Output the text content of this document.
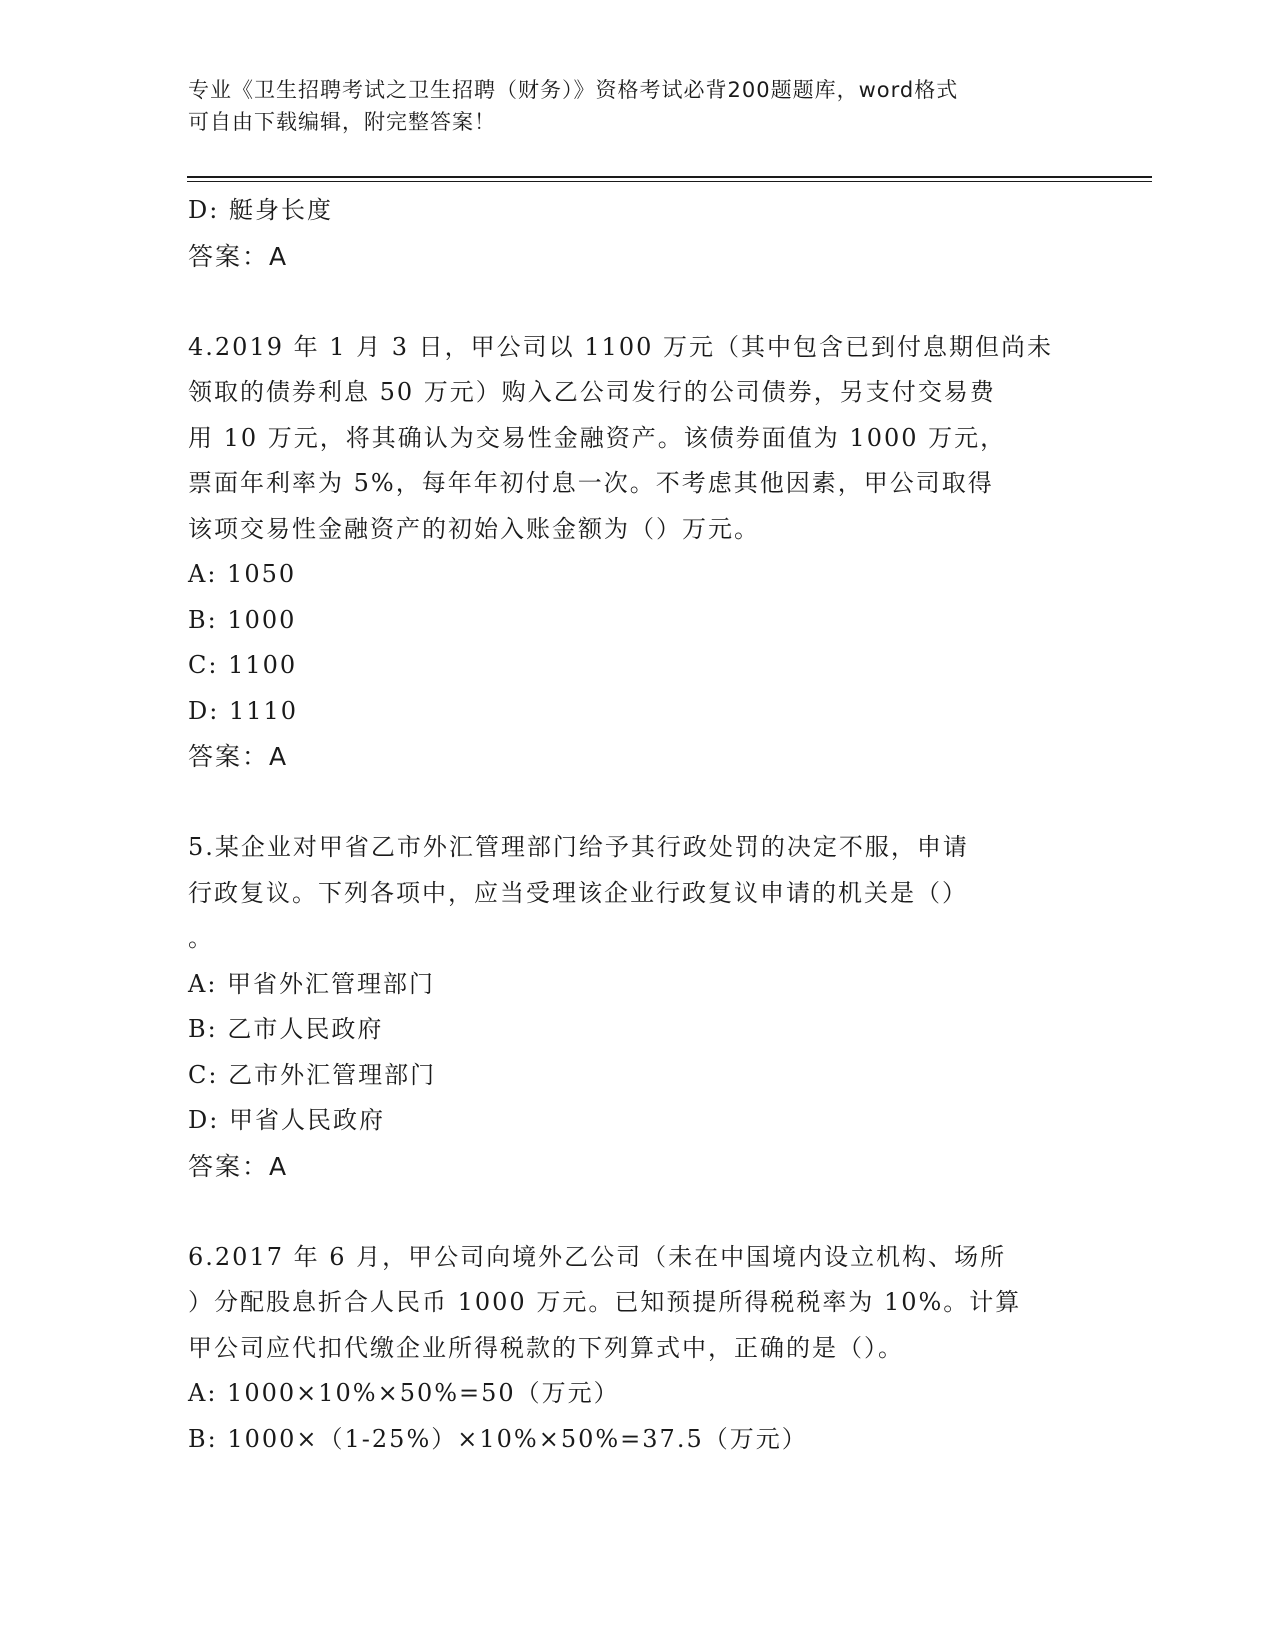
专业《卫生招聘考试之卫生招聘（财务）》资格考试必背200题题库，word格式
可自由下载编辑，附完整答案！
D: 艇身长度
答案：A
4.2019 年 1 月 3 日，甲公司以 1100 万元（其中包含已到付息期但尚未
领取的债券利息 50 万元）购入乙公司发行的公司债券，另支付交易费
用 10 万元，将其确认为交易性金融资产。该债券面值为 1000 万元，
票面年利率为 5%，每年年初付息一次。不考虑其他因素，甲公司取得
该项交易性金融资产的初始入账金额为（）万元。
A: 1050
B: 1000
C: 1100
D: 1110
答案：A
5.某企业对甲省乙市外汇管理部门给予其行政处罚的决定不服，申请
行政复议。下列各项中，应当受理该企业行政复议申请的机关是（）
。
A: 甲省外汇管理部门
B: 乙市人民政府
C: 乙市外汇管理部门
D: 甲省人民政府
答案：A
6.2017 年 6 月，甲公司向境外乙公司（未在中国境内设立机构、场所
）分配股息折合人民币 1000 万元。已知预提所得税税率为 10%。计算
甲公司应代扣代缴企业所得税款的下列算式中，正确的是（）。
A: 1000×10%×50%=50（万元）
B: 1000×（1-25%）×10%×50%=37.5（万元）
